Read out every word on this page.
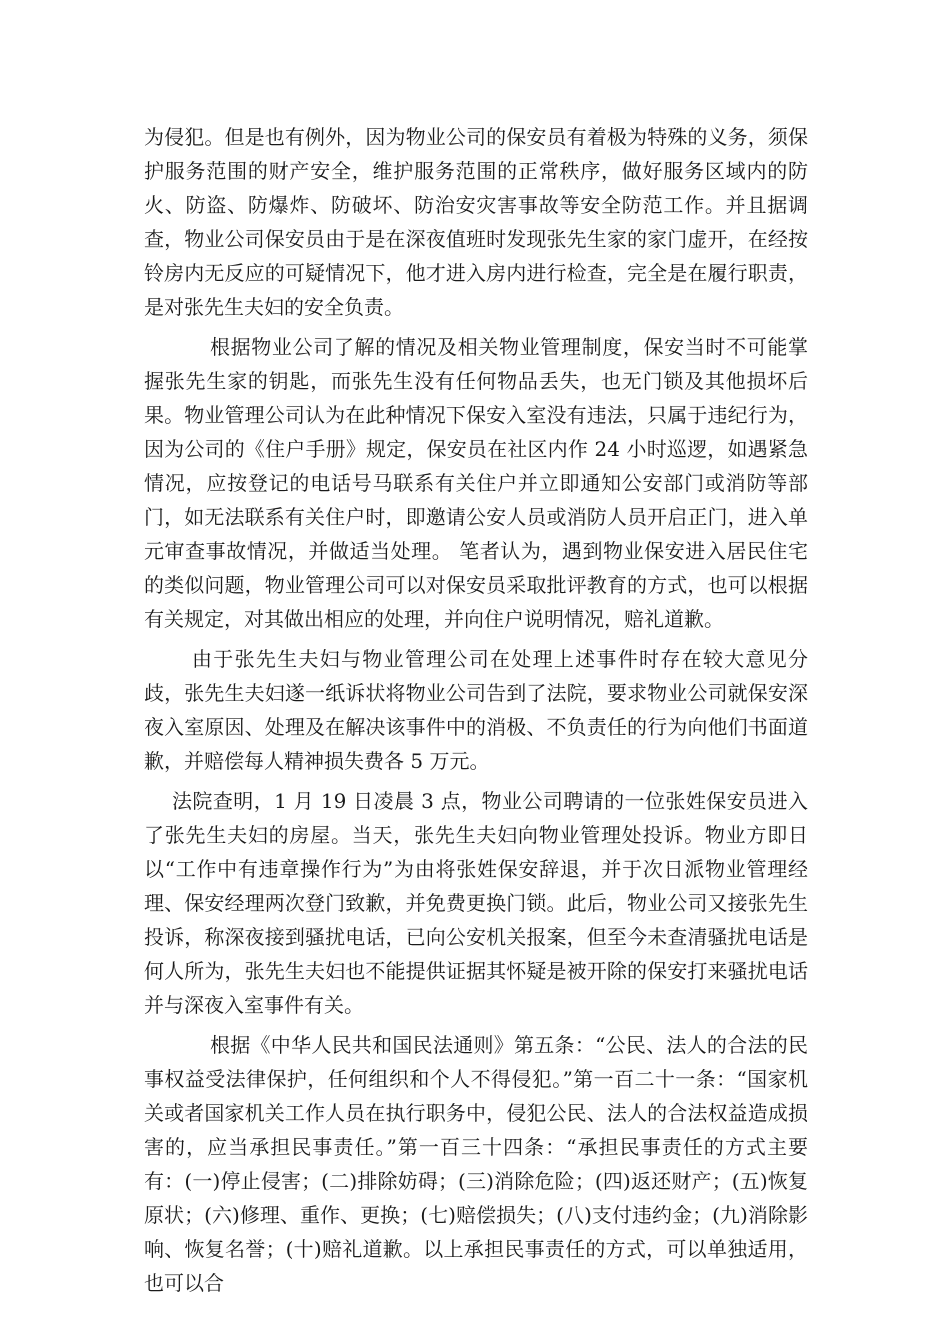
为侵犯。但是也有例外，因为物业公司的保安员有着极为特殊的义务，须保护服务范围的财产安全，维护服务范围的正常秩序，做好服务区域内的防火、防盗、防爆炸、防破坏、防治安灾害事故等安全防范工作。并且据调查，物业公司保安员由于是在深夜值班时发现张先生家的家门虚开，在经按铃房内无反应的可疑情况下，他才进入房内进行检查，完全是在履行职责，是对张先生夫妇的安全负责。

根据物业公司了解的情况及相关物业管理制度，保安当时不可能掌握张先生家的钥匙，而张先生没有任何物品丢失，也无门锁及其他损坏后果。物业管理公司认为在此种情况下保安入室没有违法，只属于违纪行为，因为公司的《住户手册》规定，保安员在社区内作 24 小时巡逻，如遇紧急情况，应按登记的电话号马联系有关住户并立即通知公安部门或消防等部门，如无法联系有关住户时，即邀请公安人员或消防人员开启正门，进入单元审查事故情况，并做适当处理。 笔者认为，遇到物业保安进入居民住宅的类似问题，物业管理公司可以对保安员采取批评教育的方式，也可以根据有关规定，对其做出相应的处理，并向住户说明情况，赔礼道歉。

由于张先生夫妇与物业管理公司在处理上述事件时存在较大意见分歧，张先生夫妇遂一纸诉状将物业公司告到了法院，要求物业公司就保安深夜入室原因、处理及在解决该事件中的消极、不负责任的行为向他们书面道歉，并赔偿每人精神损失费各 5 万元。

法院查明，1 月 19 日凌晨 3 点，物业公司聘请的一位张姓保安员进入了张先生夫妇的房屋。当天，张先生夫妇向物业管理处投诉。物业方即日以“工作中有违章操作行为”为由将张姓保安辞退，并于次日派物业管理经理、保安经理两次登门致歉，并免费更换门锁。此后，物业公司又接张先生投诉，称深夜接到骚扰电话，已向公安机关报案，但至今未查清骚扰电话是何人所为，张先生夫妇也不能提供证据其怀疑是被开除的保安打来骚扰电话并与深夜入室事件有关。

根据《中华人民共和国民法通则》第五条：“公民、法人的合法的民事权益受法律保护，任何组织和个人不得侵犯。”第一百二十一条：“国家机关或者国家机关工作人员在执行职务中，侵犯公民、法人的合法权益造成损害的，应当承担民事责任。”第一百三十四条：“承担民事责任的方式主要有：(一)停止侵害；(二)排除妨碍；(三)消除危险；(四)返还财产；(五)恢复原状；(六)修理、重作、更换；(七)赔偿损失；(八)支付违约金；(九)消除影响、恢复名誉；(十)赔礼道歉。以上承担民事责任的方式，可以单独适用，也可以合
